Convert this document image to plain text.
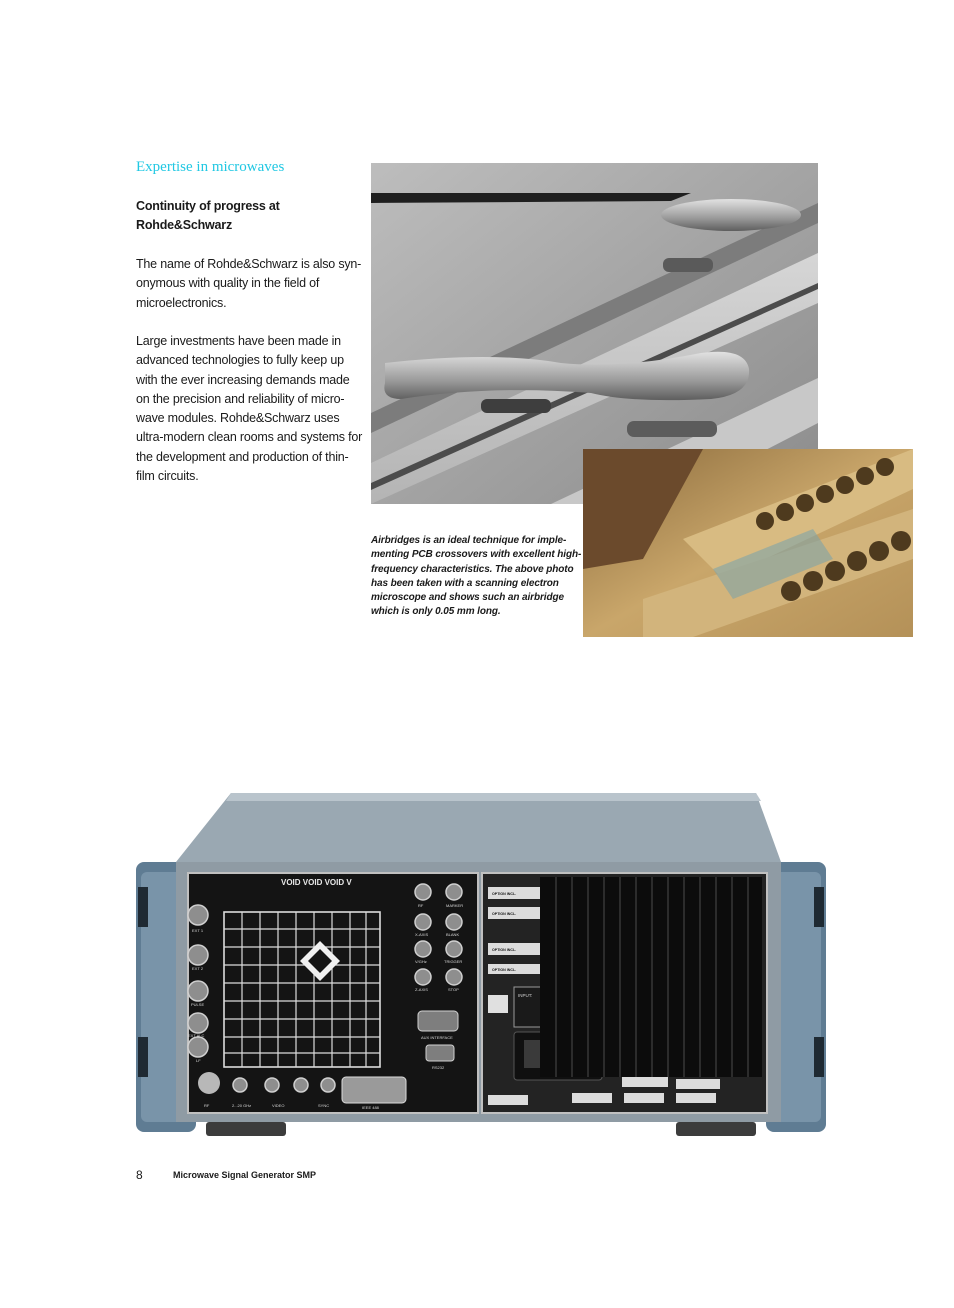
Expertise in microwaves
Continuity of progress at
Rohde&Schwarz
The name of Rohde&Schwarz is also syn-
onymous with quality in the field of
microelectronics.
Large investments have been made in
advanced technologies to fully keep up
with the ever increasing demands made
on the precision and reliability of micro-
wave modules. Rohde&Schwarz uses
ultra-modern clean rooms and systems for
the development and production of thin-
film circuits.
Airbridges is an ideal technique for imple-
menting PCB crossovers with excellent high-
frequency characteristics. The above photo
has been taken with a scanning electron
microscope and shows such an airbridge
which is only 0.05 mm long.
VOID VOID VOID V
EXT 1
EXT 2
PULSE
EXT ALC
LF
RF	MARKER
X-AXIS	BLANK
V/GHz	TRIGGER
Z-AXIS	STOP
AUX INTERFACE
RS232
RF	2...20 GHz	VIDEO	SYNC	IEEE 488
OPTION INCL.
OPTION INCL.
OPTION INCL.
OPTION INCL.
INPUT:
8	Microwave Signal Generator SMP
